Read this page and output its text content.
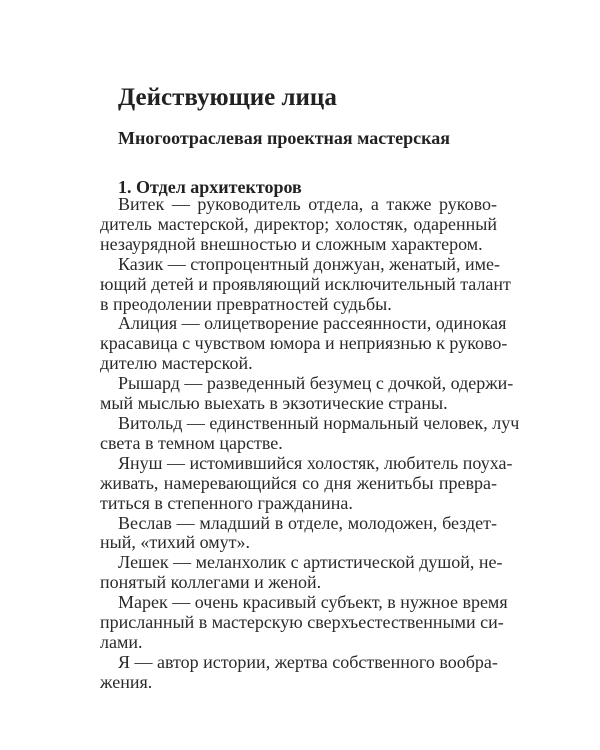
Действующие лица
Многоотраслевая проектная мастерская
1. Отдел архитекторов
Витек — руководитель отдела, а также руково-
дитель мастерской, директор; холостяк, одаренный
незаурядной внешностью и сложным характером.
Казик — стопроцентный донжуан, женатый, име-
ющий детей и проявляющий исключительный талант
в преодолении превратностей судьбы.
Алиция — олицетворение рассеянности, одинокая
красавица с чувством юмора и неприязнью к руково-
дителю мастерской.
Рышард — разведенный безумец с дочкой, одержи-
мый мыслью выехать в экзотические страны.
Витольд — единственный нормальный человек, луч
света в темном царстве.
Януш — истомившийся холостяк, любитель поуха-
живать, намеревающийся со дня женитьбы превра-
титься в степенного гражданина.
Веслав — младший в отделе, молодожен, бездет-
ный, «тихий омут».
Лешек — меланхолик с артистической душой, не-
понятый коллегами и женой.
Марек — очень красивый субъект, в нужное время
присланный в мастерскую сверхъестественными си-
лами.
Я — автор истории, жертва собственного вообра-
жения.
